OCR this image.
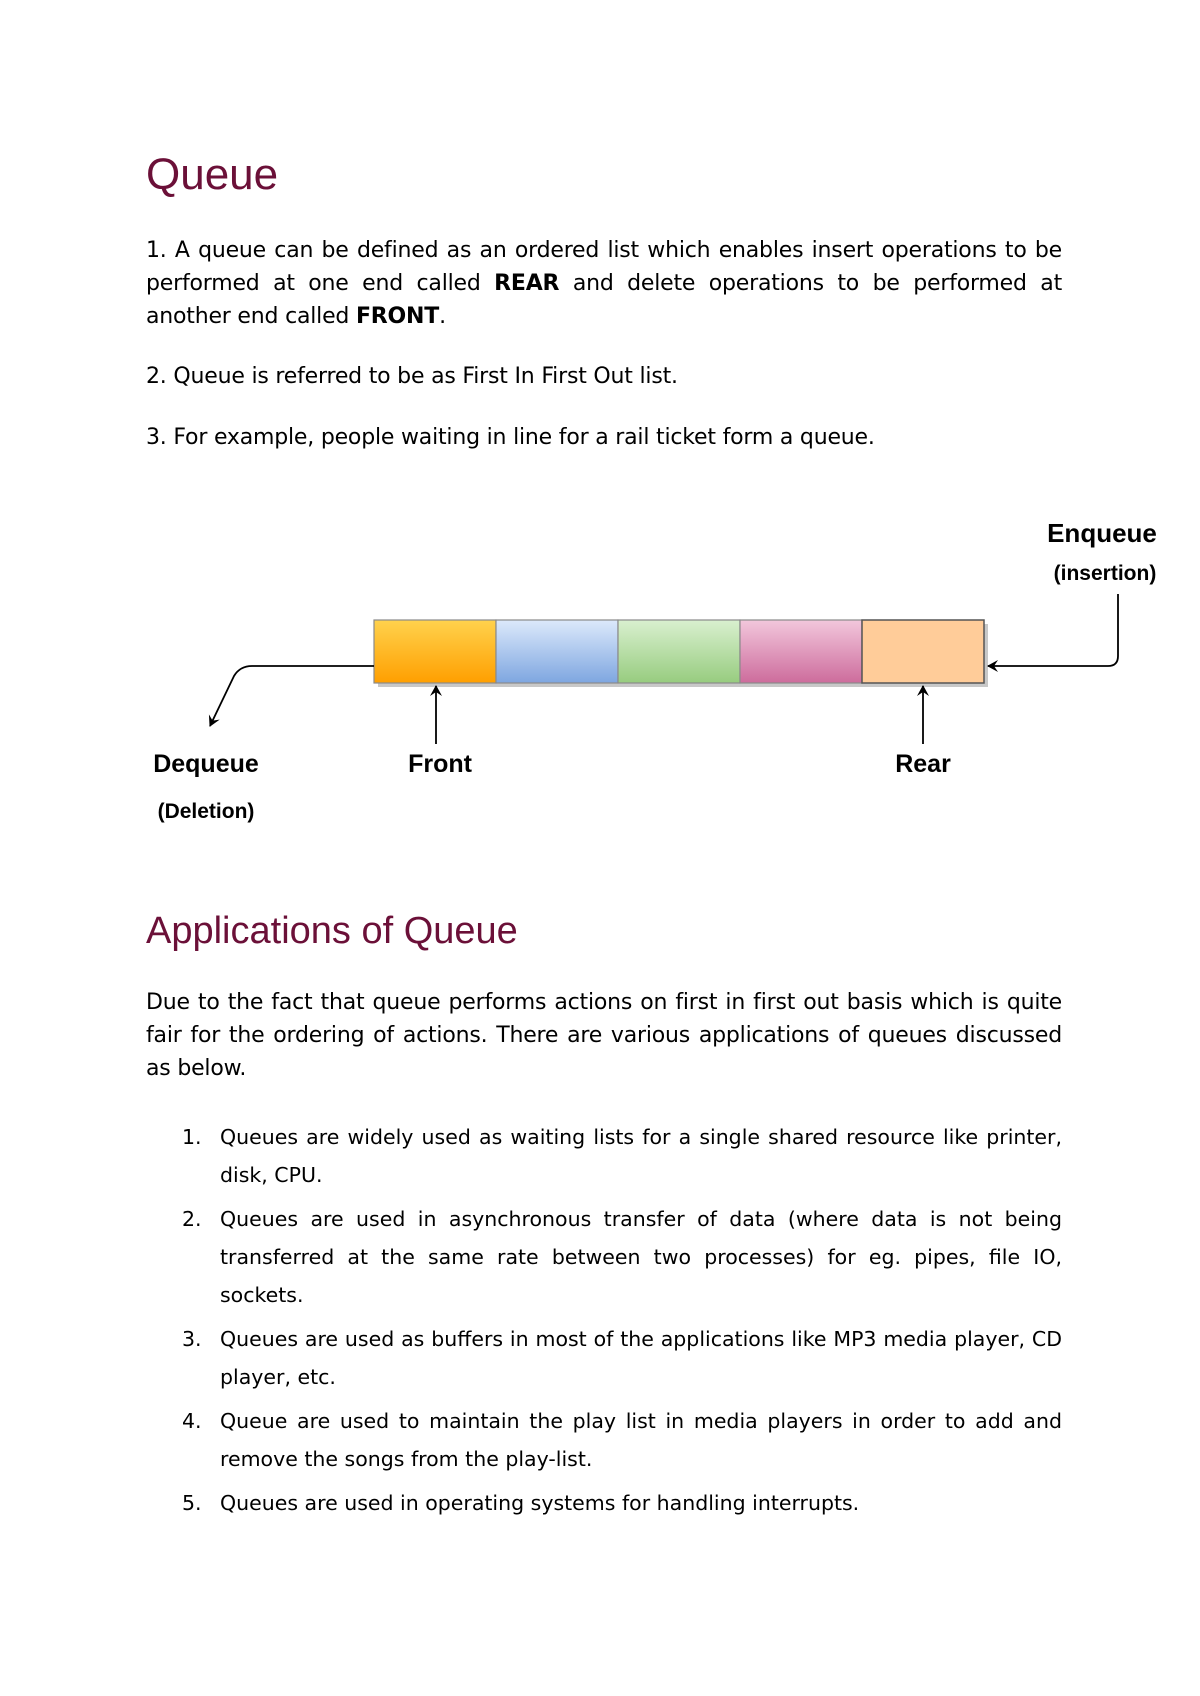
Queue

1. A queue can be defined as an ordered list which enables insert operations to be performed at one end called REAR and delete operations to be performed at another end called FRONT.

2. Queue is referred to be as First In First Out list.

3. For example, people waiting in line for a rail ticket form a queue.

Enqueue
(insertion)
Dequeue
(Deletion)
Front	Rear
Applications of Queue

Due to the fact that queue performs actions on first in first out basis which is quite fair for the ordering of actions. There are various applications of queues discussed as below.

1. Queues are widely used as waiting lists for a single shared resource like printer, disk, CPU.
2. Queues are used in asynchronous transfer of data (where data is not being transferred at the same rate between two processes) for eg. pipes, file IO, sockets.
3. Queues are used as buffers in most of the applications like MP3 media player, CD player, etc.
4. Queue are used to maintain the play list in media players in order to add and remove the songs from the play-list.
5. Queues are used in operating systems for handling interrupts.
